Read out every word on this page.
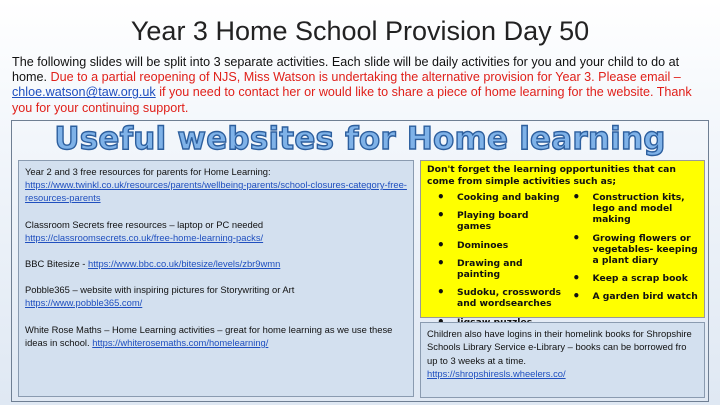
Year 3 Home School Provision Day 50
The following slides will be split into 3 separate activities. Each slide will be daily activities for you and your child to do at home. Due to a partial reopening of NJS, Miss Watson is undertaking the alternative provision for Year 3. Please email – chloe.watson@taw.org.uk if you need to contact her or would like to share a piece of home learning for the website. Thank you for your continuing support.
Useful websites for Home learning

Year 2 and 3 free resources for parents for Home Learning:
https://www.twinkl.co.uk/resources/parents/wellbeing-parents/school-closures-category-free-resources-parents

Classroom Secrets free resources – laptop or PC needed
https://classroomsecrets.co.uk/free-home-learning-packs/

BBC Bitesize - https://www.bbc.co.uk/bitesize/levels/zbr9wmn

Pobble365 – website with inspiring pictures for Storywriting or Art
https://www.pobble365.com/

White Rose Maths – Home Learning activities – great for home learning as we use these ideas in school. https://whiterosemaths.com/homelearning/

Don't forget the learning opportunities that can come from simple activities such as;
• Cooking and baking
• Playing board games
• Dominoes
• Drawing and painting
• Sudoku, crosswords and wordsearches
•
• Construction kits, lego and model making
• Growing flowers or vegetables- keeping a plant diary
• Keep a scrap book
• A garden bird watch
Children also have logins in their homelink books for Shropshire Schools Library Service e-Library – books can be borrowed fro up to 3 weeks at a time.
https://shropshiresls.wheelers.co/
